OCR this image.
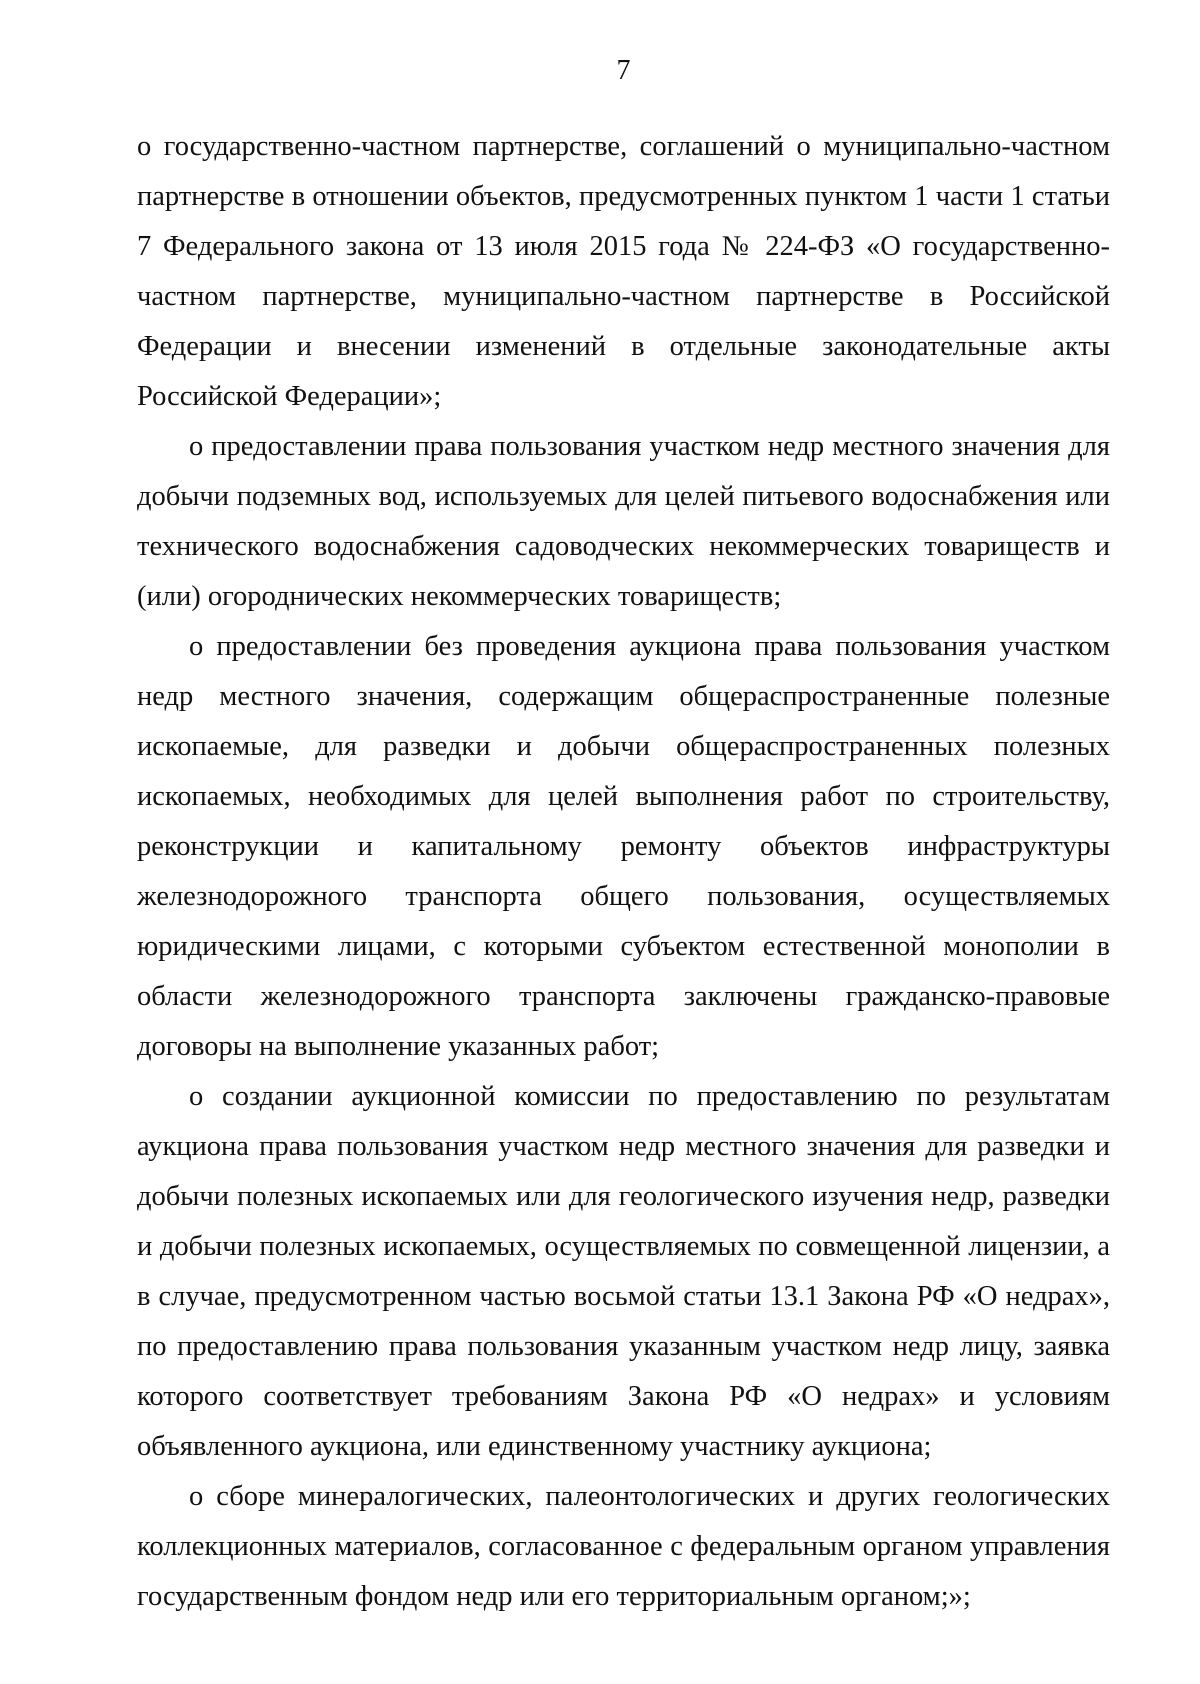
7

о государственно-частном партнерстве, соглашений о муниципально-частном партнерстве в отношении объектов, предусмотренных пунктом 1 части 1 статьи 7 Федерального закона от 13 июля 2015 года № 224-ФЗ «О государственно-частном партнерстве, муниципально-частном партнерстве в Российской Федерации и внесении изменений в отдельные законодательные акты Российской Федерации»;

о предоставлении права пользования участком недр местного значения для добычи подземных вод, используемых для целей питьевого водоснабжения или технического водоснабжения садоводческих некоммерческих товариществ и (или) огороднических некоммерческих товариществ;

о предоставлении без проведения аукциона права пользования участком недр местного значения, содержащим общераспространенные полезные ископаемые, для разведки и добычи общераспространенных полезных ископаемых, необходимых для целей выполнения работ по строительству, реконструкции и капитальному ремонту объектов инфраструктуры железнодорожного транспорта общего пользования, осуществляемых юридическими лицами, с которыми субъектом естественной монополии в области железнодорожного транспорта заключены гражданско-правовые договоры на выполнение указанных работ;

о создании аукционной комиссии по предоставлению по результатам аукциона права пользования участком недр местного значения для разведки и добычи полезных ископаемых или для геологического изучения недр, разведки и добычи полезных ископаемых, осуществляемых по совмещенной лицензии, а в случае, предусмотренном частью восьмой статьи 13.1 Закона РФ «О недрах», по предоставлению права пользования указанным участком недр лицу, заявка которого соответствует требованиям Закона РФ «О недрах» и условиям объявленного аукциона, или единственному участнику аукциона;

о сборе минералогических, палеонтологических и других геологических коллекционных материалов, согласованное с федеральным органом управления государственным фондом недр или его территориальным органом;»;
